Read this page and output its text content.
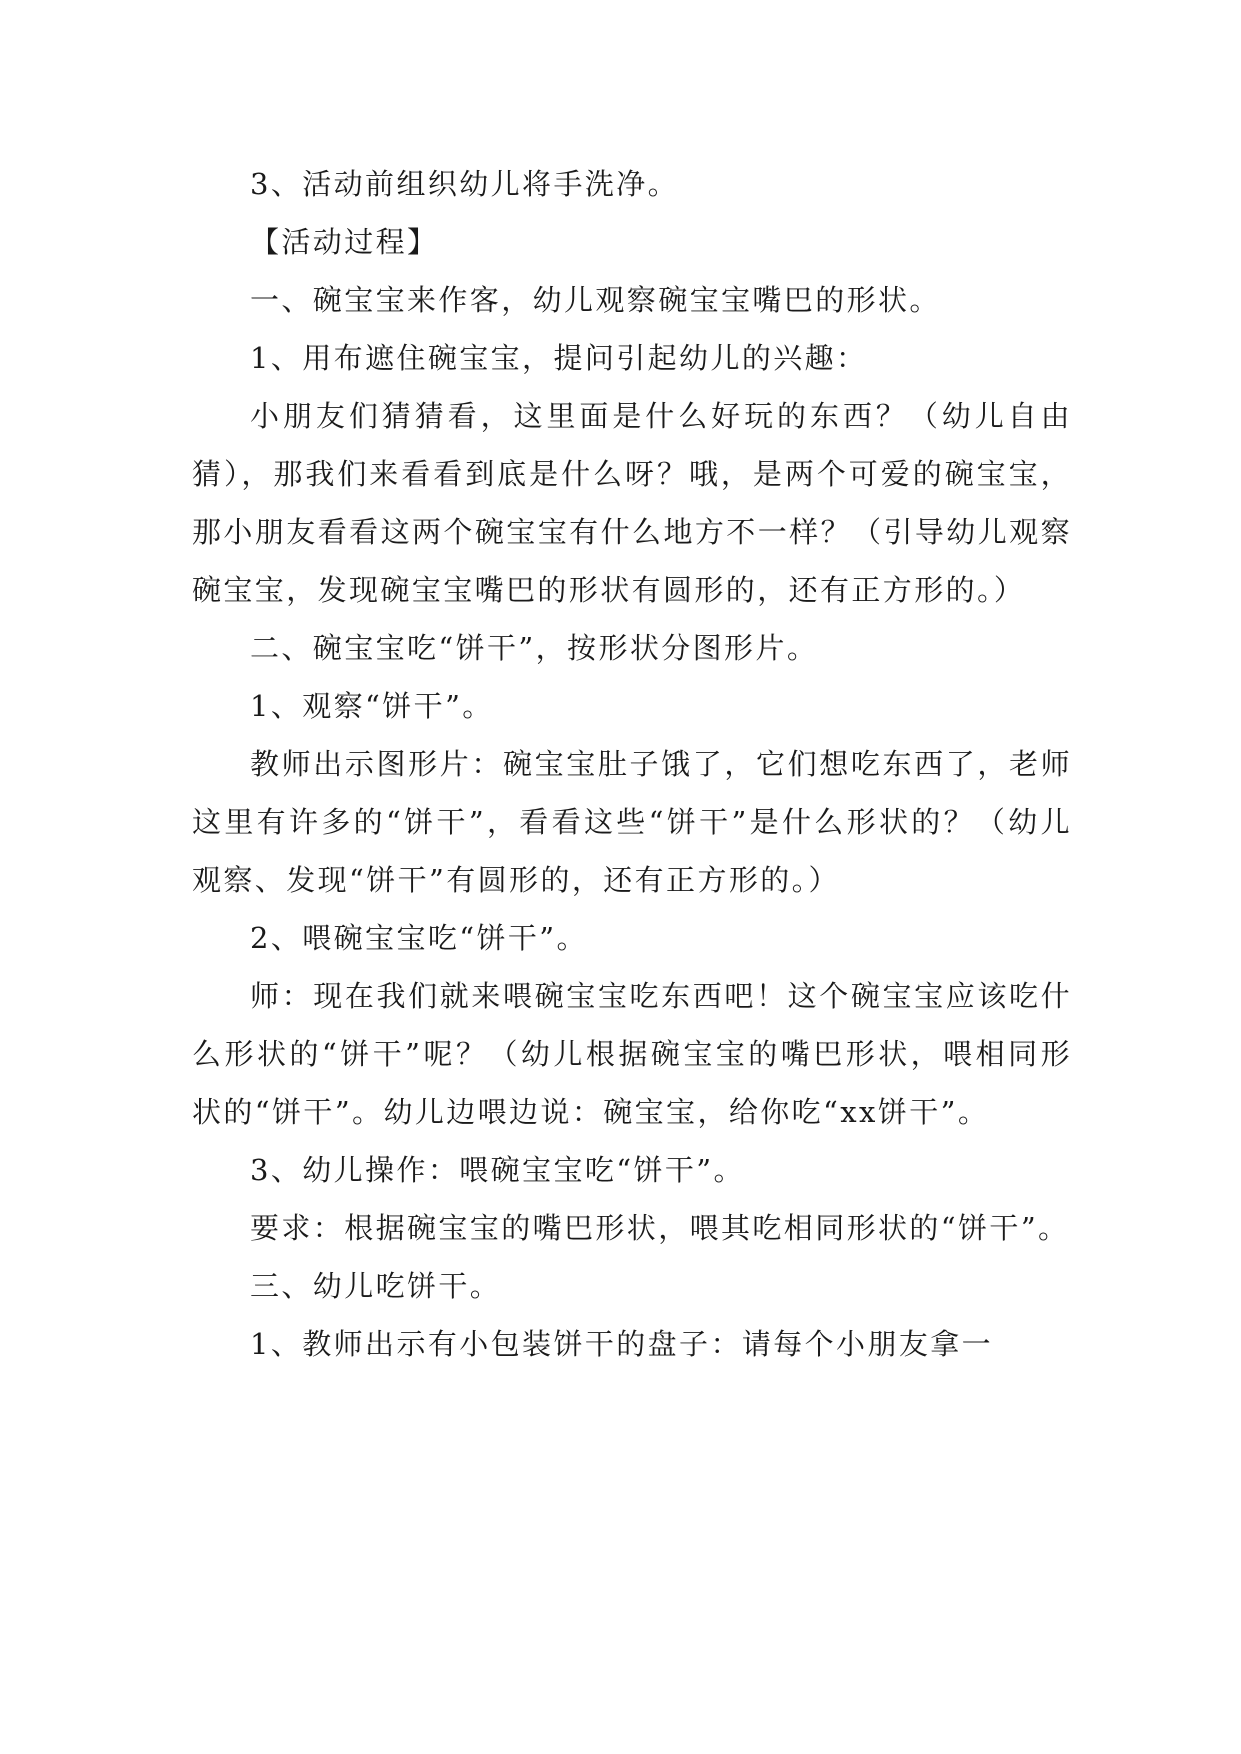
3、活动前组织幼儿将手洗净。

【活动过程】

一、碗宝宝来作客，幼儿观察碗宝宝嘴巴的形状。

1、用布遮住碗宝宝，提问引起幼儿的兴趣：

小朋友们猜猜看，这里面是什么好玩的东西？（幼儿自由猜），那我们来看看到底是什么呀？哦，是两个可爱的碗宝宝，那小朋友看看这两个碗宝宝有什么地方不一样？（引导幼儿观察碗宝宝，发现碗宝宝嘴巴的形状有圆形的，还有正方形的。）

二、碗宝宝吃“饼干”，按形状分图形片。

1、观察“饼干”。

教师出示图形片：碗宝宝肚子饿了，它们想吃东西了，老师这里有许多的“饼干”，看看这些“饼干”是什么形状的？（幼儿观察、发现“饼干”有圆形的，还有正方形的。）

2、喂碗宝宝吃“饼干”。

师：现在我们就来喂碗宝宝吃东西吧！这个碗宝宝应该吃什么形状的“饼干”呢？（幼儿根据碗宝宝的嘴巴形状，喂相同形状的“饼干”。幼儿边喂边说：碗宝宝，给你吃“xx饼干”。

3、幼儿操作：喂碗宝宝吃“饼干”。

要求：根据碗宝宝的嘴巴形状，喂其吃相同形状的“饼干”。

三、幼儿吃饼干。

1、教师出示有小包装饼干的盘子：请每个小朋友拿一
